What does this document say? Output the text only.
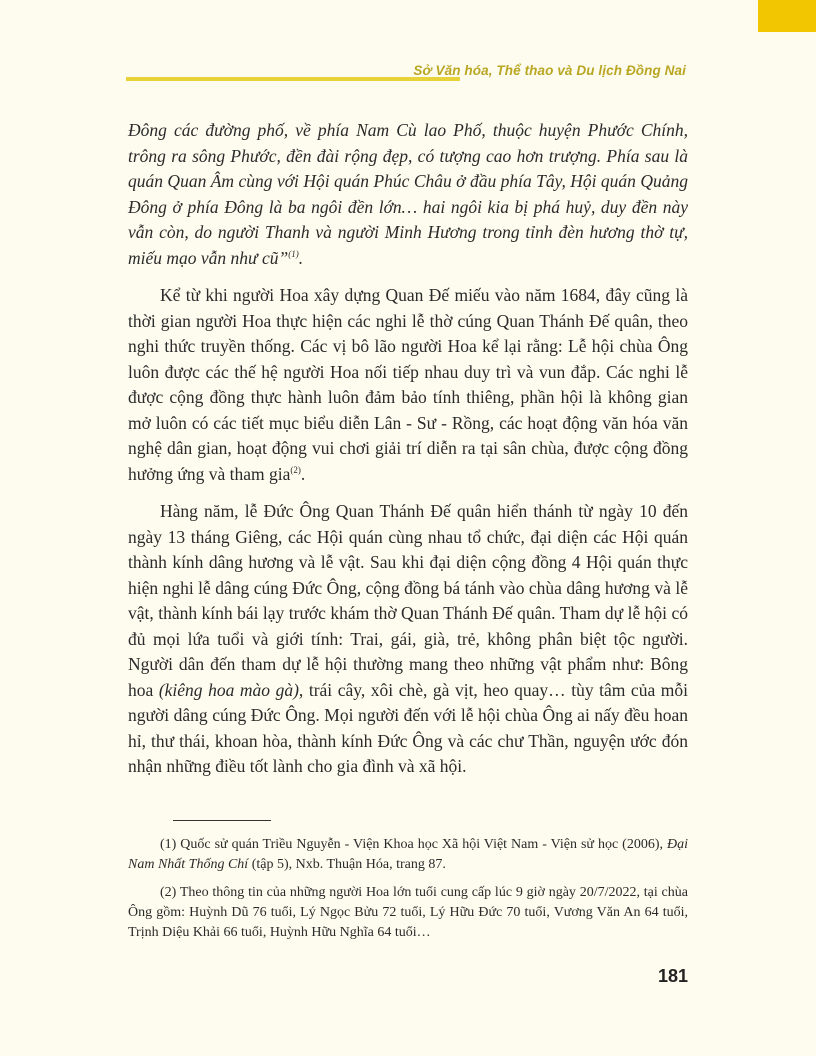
Sở Văn hóa, Thể thao và Du lịch Đồng Nai

Đông các đường phố, về phía Nam Cù lao Phố, thuộc huyện Phước Chính, trông ra sông Phước, đền đài rộng đẹp, có tượng cao hơn trượng. Phía sau là quán Quan Âm cùng với Hội quán Phúc Châu ở đầu phía Tây, Hội quán Quảng Đông ở phía Đông là ba ngôi đền lớn… hai ngôi kia bị phá huỷ, duy đền này vẫn còn, do người Thanh và người Minh Hương trong tỉnh đèn hương thờ tự, miếu mạo vẫn như cũ”$^{(1)}$.

Kể từ khi người Hoa xây dựng Quan Đế miếu vào năm 1684, đây cũng là thời gian người Hoa thực hiện các nghi lễ thờ cúng Quan Thánh Đế quân, theo nghi thức truyền thống. Các vị bô lão người Hoa kể lại rằng: Lễ hội chùa Ông luôn được các thế hệ người Hoa nối tiếp nhau duy trì và vun đắp. Các nghi lễ được cộng đồng thực hành luôn đảm bảo tính thiêng, phần hội là không gian mở luôn có các tiết mục biểu diễn Lân - Sư - Rồng, các hoạt động văn hóa văn nghệ dân gian, hoạt động vui chơi giải trí diễn ra tại sân chùa, được cộng đồng hưởng ứng và tham gia$^{(2)}$.

Hàng năm, lễ Đức Ông Quan Thánh Đế quân hiển thánh từ ngày 10 đến ngày 13 tháng Giêng, các Hội quán cùng nhau tổ chức, đại diện các Hội quán thành kính dâng hương và lễ vật. Sau khi đại diện cộng đồng 4 Hội quán thực hiện nghi lễ dâng cúng Đức Ông, cộng đồng bá tánh vào chùa dâng hương và lễ vật, thành kính bái lạy trước khám thờ Quan Thánh Đế quân. Tham dự lễ hội có đủ mọi lứa tuổi và giới tính: Trai, gái, già, trẻ, không phân biệt tộc người. Người dân đến tham dự lễ hội thường mang theo những vật phẩm như: Bông hoa (kiêng hoa mào gà), trái cây, xôi chè, gà vịt, heo quay… tùy tâm của mỗi người dâng cúng Đức Ông. Mọi người đến với lễ hội chùa Ông ai nấy đều hoan hỉ, thư thái, khoan hòa, thành kính Đức Ông và các chư Thần, nguyện ước đón nhận những điều tốt lành cho gia đình và xã hội.

(1) Quốc sử quán Triều Nguyễn - Viện Khoa học Xã hội Việt Nam - Viện sử học (2006), Đại Nam Nhất Thống Chí (tập 5), Nxb. Thuận Hóa, trang 87.

(2) Theo thông tin của những người Hoa lớn tuổi cung cấp lúc 9 giờ ngày 20/7/2022, tại chùa Ông gồm: Huỳnh Dũ 76 tuổi, Lý Ngọc Bửu 72 tuổi, Lý Hữu Đức 70 tuổi, Vương Văn An 64 tuổi, Trịnh Diệu Khải 66 tuổi, Huỳnh Hữu Nghĩa 64 tuổi…

181
